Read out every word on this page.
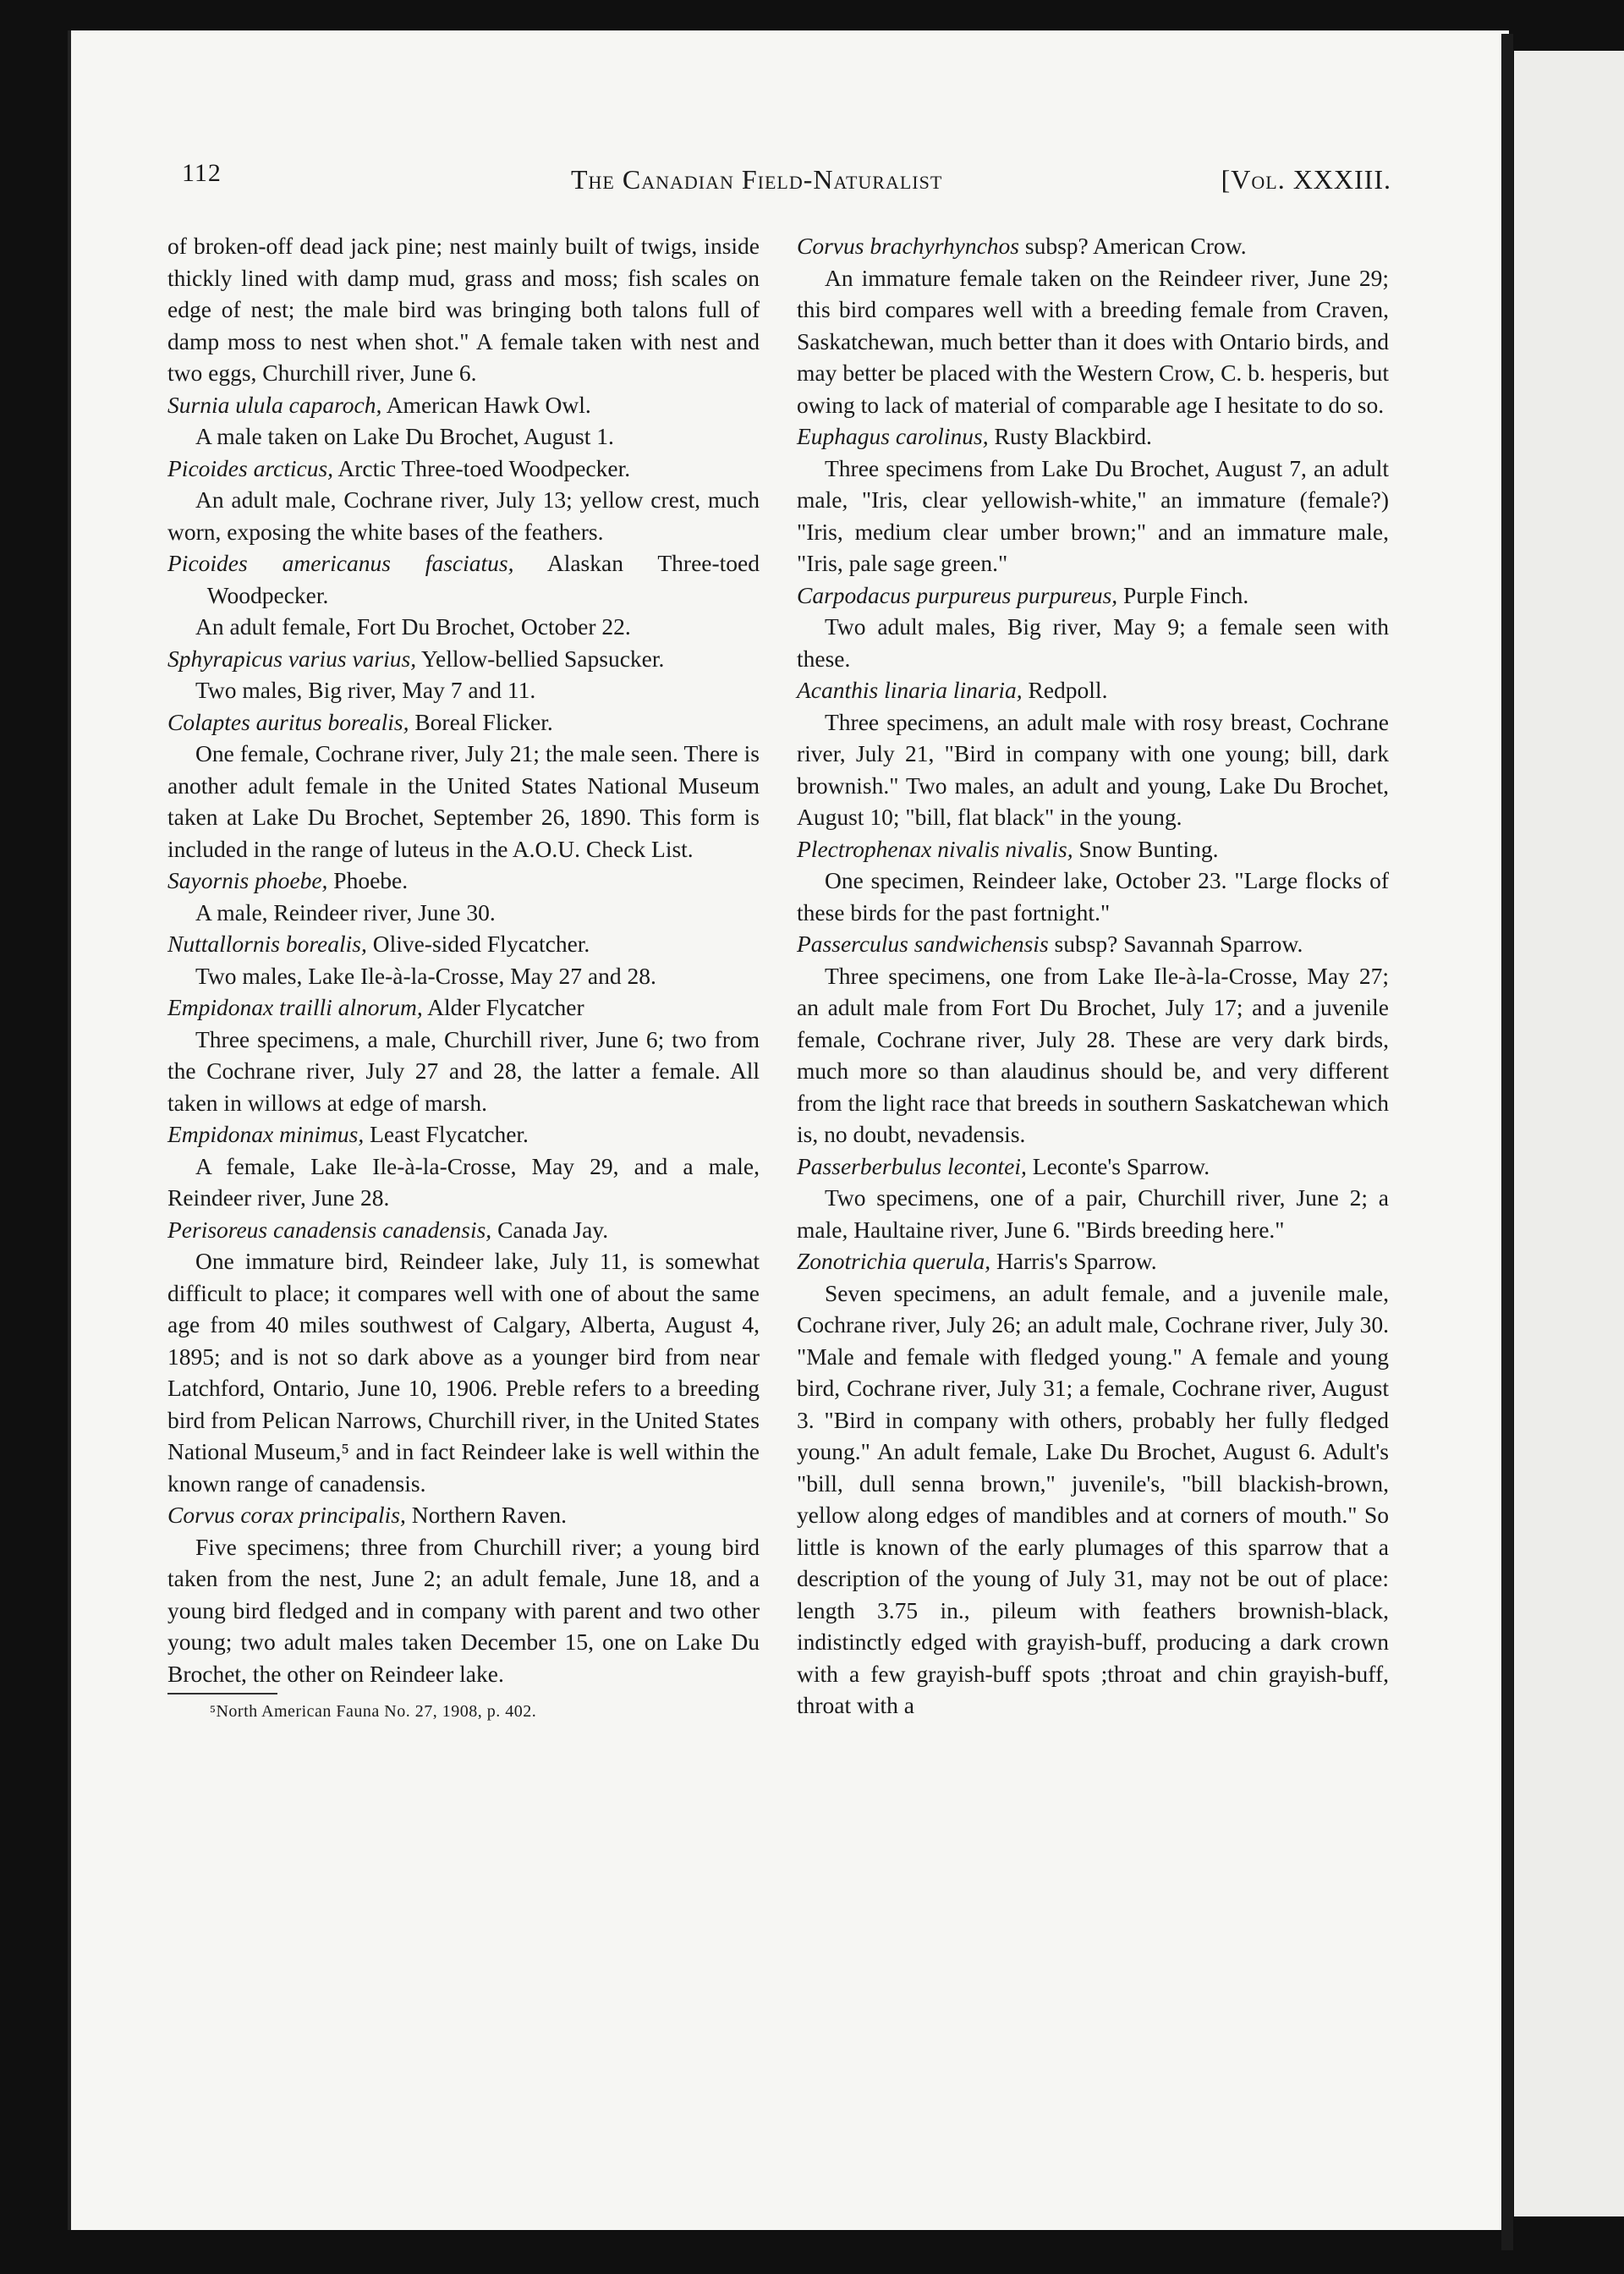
112	The Canadian Field-Naturalist	[Vol. XXXIII.

of broken-off dead jack pine; nest mainly built of twigs, inside thickly lined with damp mud, grass and moss; fish scales on edge of nest; the male bird was bringing both talons full of damp moss to nest when shot." A female taken with nest and two eggs, Churchill river, June 6.

Surnia ulula caparoch, American Hawk Owl.

A male taken on Lake Du Brochet, August 1.

Picoides arcticus, Arctic Three-toed Woodpecker.

An adult male, Cochrane river, July 13; yellow crest, much worn, exposing the white bases of the feathers.

Picoides americanus fasciatus, Alaskan Three-toed Woodpecker.

An adult female, Fort Du Brochet, October 22.

Sphyrapicus varius varius, Yellow-bellied Sapsucker.

Two males, Big river, May 7 and 11.

Colaptes auritus borealis, Boreal Flicker.

One female, Cochrane river, July 21; the male seen. There is another adult female in the United States National Museum taken at Lake Du Brochet, September 26, 1890. This form is included in the range of luteus in the A.O.U. Check List.

Sayornis phoebe, Phoebe.

A male, Reindeer river, June 30.

Nuttallornis borealis, Olive-sided Flycatcher.

Two males, Lake Ile-à-la-Crosse, May 27 and 28.

Empidonax trailli alnorum, Alder Flycatcher

Three specimens, a male, Churchill river, June 6; two from the Cochrane river, July 27 and 28, the latter a female. All taken in willows at edge of marsh.

Empidonax minimus, Least Flycatcher.

A female, Lake Ile-à-la-Crosse, May 29, and a male, Reindeer river, June 28.

Perisoreus canadensis canadensis, Canada Jay.

One immature bird, Reindeer lake, July 11, is somewhat difficult to place; it compares well with one of about the same age from 40 miles southwest of Calgary, Alberta, August 4, 1895; and is not so dark above as a younger bird from near Latchford, Ontario, June 10, 1906. Preble refers to a breeding bird from Pelican Narrows, Churchill river, in the United States National Museum,⁵ and in fact Reindeer lake is well within the known range of canadensis.

Corvus corax principalis, Northern Raven.

Five specimens; three from Churchill river; a young bird taken from the nest, June 2; an adult female, June 18, and a young bird fledged and in company with parent and two other young; two adult males taken December 15, one on Lake Du Brochet, the other on Reindeer lake.

⁵North American Fauna No. 27, 1908, p. 402.

Corvus brachyrhynchos subsp? American Crow.

An immature female taken on the Reindeer river, June 29; this bird compares well with a breeding female from Craven, Saskatchewan, much better than it does with Ontario birds, and may better be placed with the Western Crow, C. b. hesperis, but owing to lack of material of comparable age I hesitate to do so.

Euphagus carolinus, Rusty Blackbird.

Three specimens from Lake Du Brochet, August 7, an adult male, "Iris, clear yellowish-white," an immature (female?) "Iris, medium clear umber brown;" and an immature male, "Iris, pale sage green."

Carpodacus purpureus purpureus, Purple Finch.

Two adult males, Big river, May 9; a female seen with these.

Acanthis linaria linaria, Redpoll.

Three specimens, an adult male with rosy breast, Cochrane river, July 21, "Bird in company with one young; bill, dark brownish." Two males, an adult and young, Lake Du Brochet, August 10; "bill, flat black" in the young.

Plectrophenax nivalis nivalis, Snow Bunting.

One specimen, Reindeer lake, October 23. "Large flocks of these birds for the past fortnight."

Passerculus sandwichensis subsp? Savannah Sparrow.

Three specimens, one from Lake Ile-à-la-Crosse, May 27; an adult male from Fort Du Brochet, July 17; and a juvenile female, Cochrane river, July 28. These are very dark birds, much more so than alaudinus should be, and very different from the light race that breeds in southern Saskatchewan which is, no doubt, nevadensis.

Passerberbulus lecontei, Leconte's Sparrow.

Two specimens, one of a pair, Churchill river, June 2; a male, Haultaine river, June 6. "Birds breeding here."

Zonotrichia querula, Harris's Sparrow.

Seven specimens, an adult female, and a juvenile male, Cochrane river, July 26; an adult male, Cochrane river, July 30. "Male and female with fledged young." A female and young bird, Cochrane river, July 31; a female, Cochrane river, August 3. "Bird in company with others, probably her fully fledged young." An adult female, Lake Du Brochet, August 6. Adult's "bill, dull senna brown," juvenile's, "bill blackish-brown, yellow along edges of mandibles and at corners of mouth." So little is known of the early plumages of this sparrow that a description of the young of July 31, may not be out of place: length 3.75 in., pileum with feathers brownish-black, indistinctly edged with grayish-buff, producing a dark crown with a few grayish-buff spots ;throat and chin grayish-buff, throat with a
